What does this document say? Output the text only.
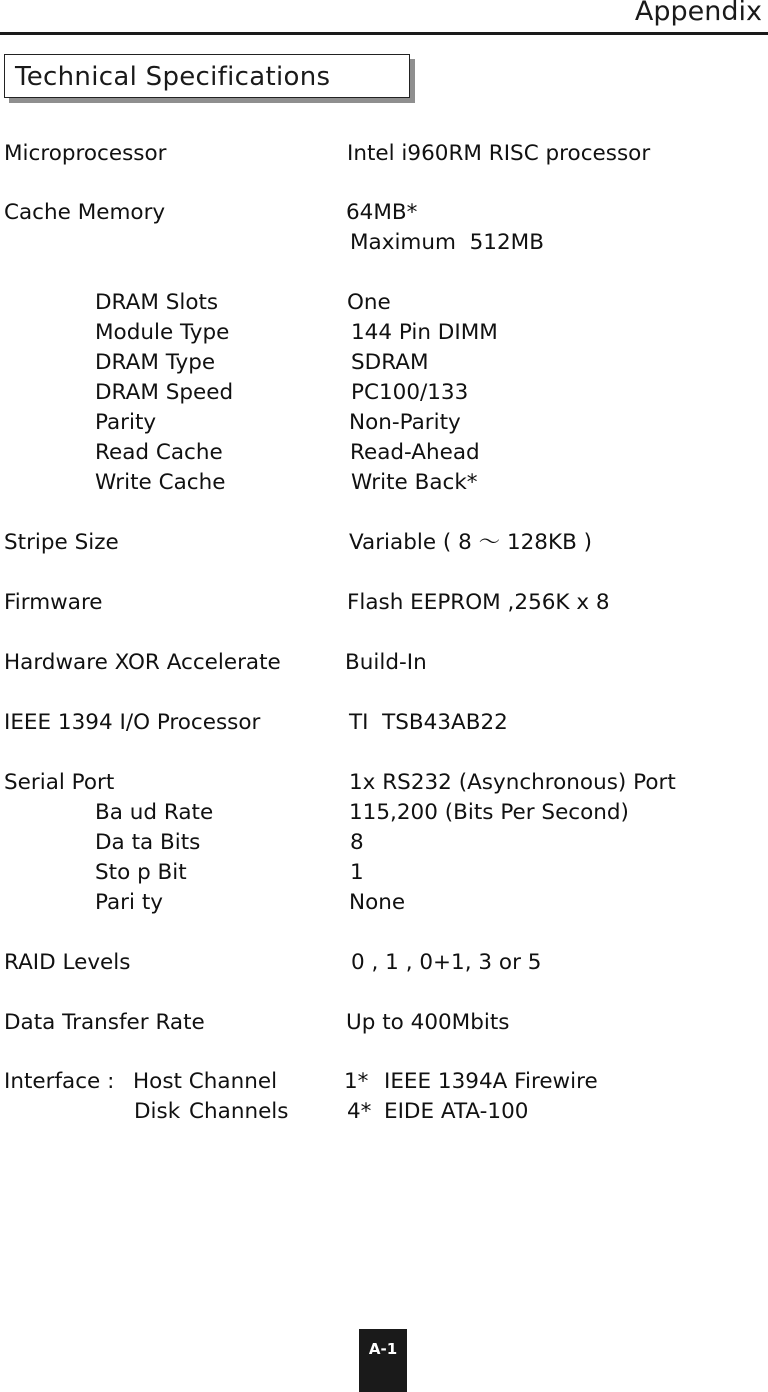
Appendix
Technical Specifications
Microprocessor	Intel i960RM RISC processor
Cache Memory	64MB*
Maximum  512MB
DRAM Slots	One
Module Type	144 Pin DIMM
DRAM Type	SDRAM
DRAM Speed	PC100/133
Parity	Non-Parity
Read Cache	Read-Ahead
Write Cache	Write Back*
Stripe Size	Variable ( 8 ～ 128KB )
Firmware	Flash EEPROM ,256K x 8
Hardware XOR Accelerate	Build-In
IEEE 1394 I/O Processor	TI  TSB43AB22
Serial Port	1x RS232 (Asynchronous) Port
Ba ud Rate	115,200 (Bits Per Second)
Da ta Bits	8
Sto p Bit	1
Pari ty	None
RAID Levels	0 , 1 , 0+1, 3 or 5
Data Transfer Rate	Up to 400Mbits
Interface : Host Channel	1* IEEE 1394A Firewire
Disk Channels	4* EIDE ATA-100
A-1
